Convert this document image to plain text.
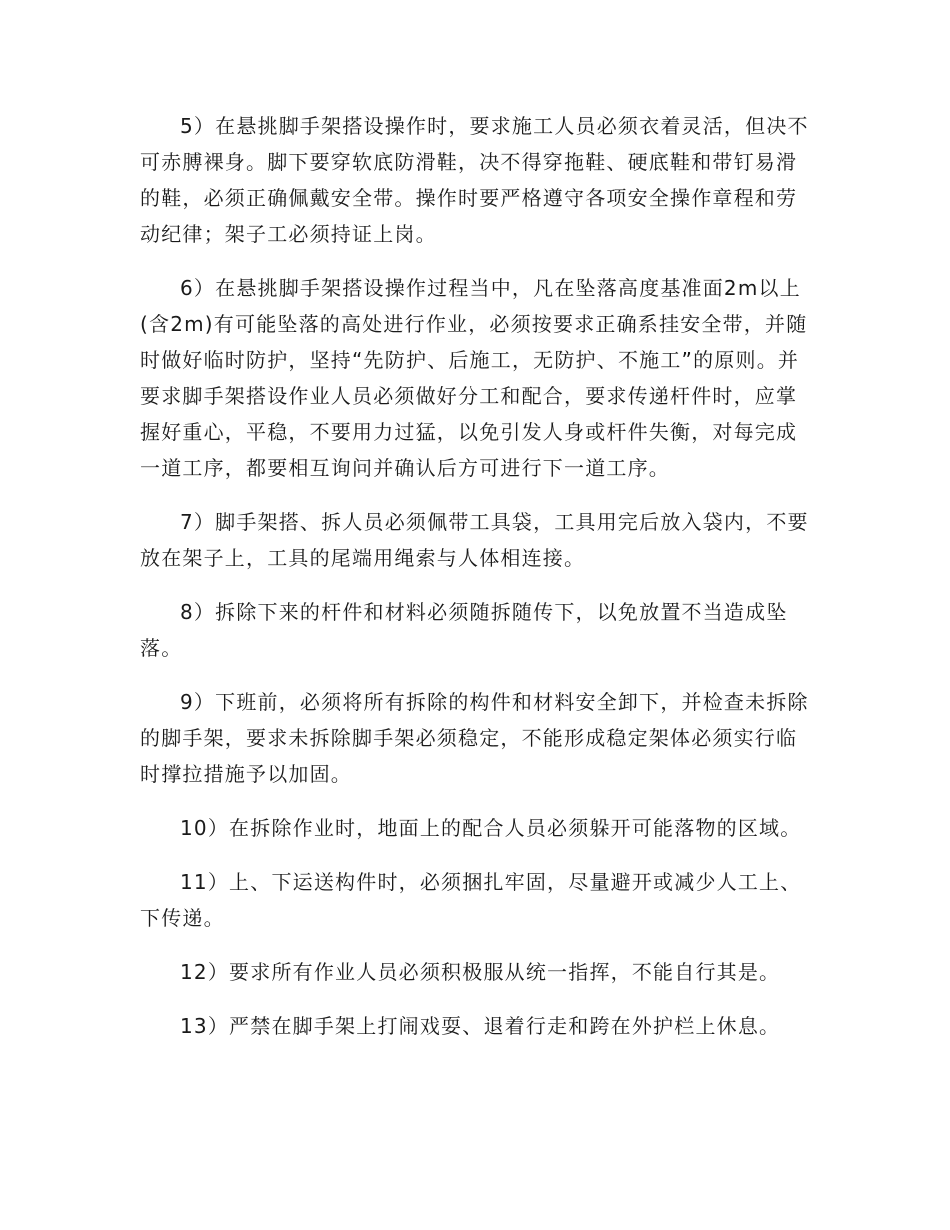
5）在悬挑脚手架搭设操作时，要求施工人员必须衣着灵活，但决不可赤膊裸身。脚下要穿软底防滑鞋，决不得穿拖鞋、硬底鞋和带钉易滑的鞋，必须正确佩戴安全带。操作时要严格遵守各项安全操作章程和劳动纪律；架子工必须持证上岗。

6）在悬挑脚手架搭设操作过程当中，凡在坠落高度基准面2m以上(含2m)有可能坠落的高处进行作业，必须按要求正确系挂安全带，并随时做好临时防护，坚持“先防护、后施工，无防护、不施工”的原则。并要求脚手架搭设作业人员必须做好分工和配合，要求传递杆件时，应掌握好重心，平稳，不要用力过猛，以免引发人身或杆件失衡，对每完成一道工序，都要相互询问并确认后方可进行下一道工序。

7）脚手架搭、拆人员必须佩带工具袋，工具用完后放入袋内，不要放在架子上，工具的尾端用绳索与人体相连接。

8）拆除下来的杆件和材料必须随拆随传下，以免放置不当造成坠落。

9）下班前，必须将所有拆除的构件和材料安全卸下，并检查未拆除的脚手架，要求未拆除脚手架必须稳定，不能形成稳定架体必须实行临时撑拉措施予以加固。

10）在拆除作业时，地面上的配合人员必须躲开可能落物的区域。

11）上、下运送构件时，必须捆扎牢固，尽量避开或减少人工上、下传递。

12）要求所有作业人员必须积极服从统一指挥，不能自行其是。

13）严禁在脚手架上打闹戏耍、退着行走和跨在外护栏上休息。
